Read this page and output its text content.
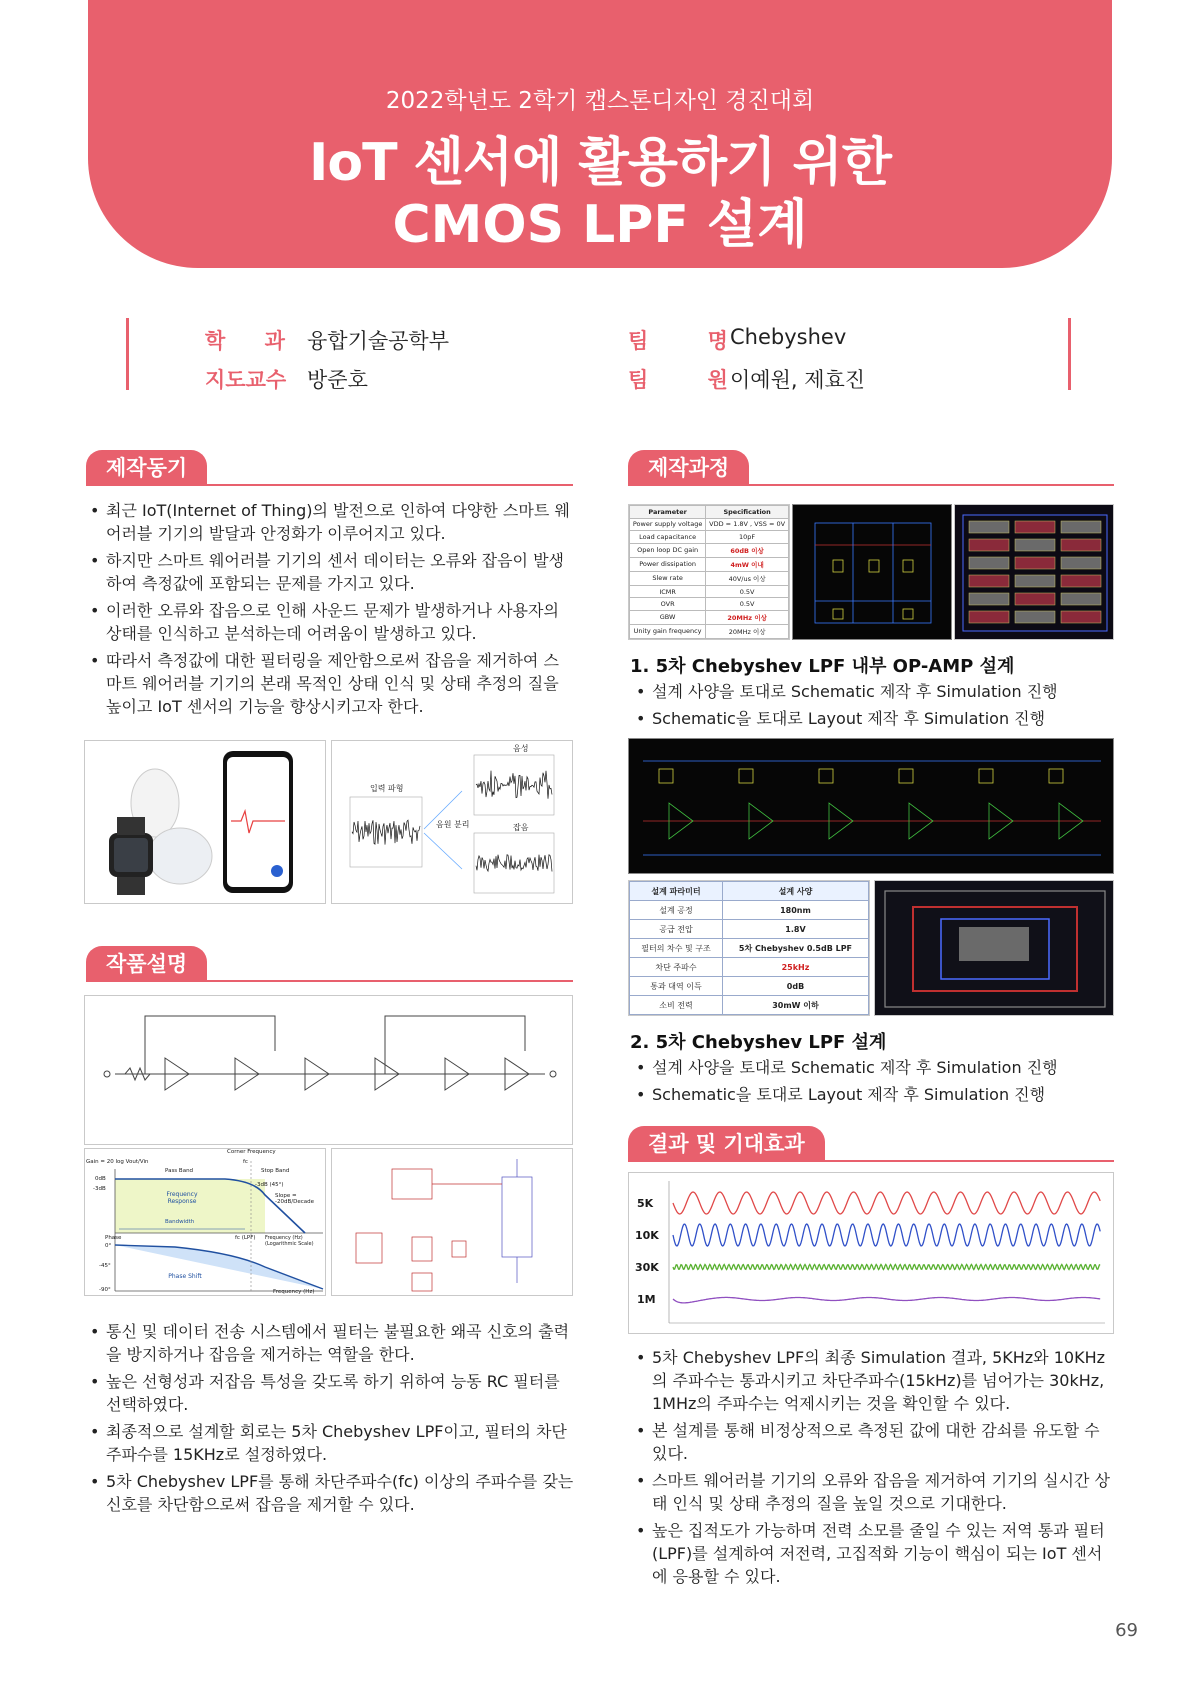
2022학년도 2학기 캡스톤디자인 경진대회
IoT 센서에 활용하기 위한
CMOS LPF 설계
학 과 융합기술공학부
지도교수 방준호
팀 명
Chebyshev
팀 원
이예원, 제효진
제작동기
• 최근 IoT(Internet of Thing)의 발전으로 인하여 다양한 스마트 웨어러블 기기의 발달과 안정화가 이루어지고 있다.
• 하지만 스마트 웨어러블 기기의 센서 데이터는 오류와 잡음이 발생하여 측정값에 포함되는 문제를 가지고 있다.
• 이러한 오류와 잡음으로 인해 사운드 문제가 발생하거나 사용자의 상태를 인식하고 분석하는데 어려움이 발생하고 있다.
• 따라서 측정값에 대한 필터링을 제안함으로써 잡음을 제거하여 스마트 웨어러블 기기의 본래 목적인 상태 인식 및 상태 추정의 질을 높이고 IoT 센서의 기능을 향상시키고자 한다.
입력 파형
음원 분리
음성
잡음
작품설명
Gain = 20 log Vout/Vin
Corner Frequency
fc
Pass Band	Stop Band
0dB
-3dB
-3dB (45°)
Slope = -20dB/Decade
Frequency Response
Bandwidth
Phase	fc (LPF) Frequency (Hz) (Logarithmic Scale)
0°
-45°
-90°
Phase Shift
Frequency (Hz)
• 통신 및 데이터 전송 시스템에서 필터는 불필요한 왜곡 신호의 출력을 방지하거나 잡음을 제거하는 역할을 한다.
• 높은 선형성과 저잡음 특성을 갖도록 하기 위하여 능동 RC 필터를 선택하였다.
• 최종적으로 설계할 회로는 5차 Chebyshev LPF이고, 필터의 차단 주파수를 15KHz로 설정하였다.
• 5차 Chebyshev LPF를 통해 차단주파수(fc) 이상의 주파수를 갖는 신호를 차단함으로써 잡음을 제거할 수 있다.
제작과정
Parameter	Specification
Power supply voltage	VDD = 1.8V , VSS = 0V
Load capacitance	10pF
Open loop DC gain	60dB 이상
Power dissipation	4mW 이내
Slew rate	40V/us 이상
ICMR	0.5V
OVR	0.5V
GBW	20MHz 이상
Unity gain frequency	20MHz 이상
1. 5차 Chebyshev LPF 내부 OP-AMP 설계
• 설계 사양을 토대로 Schematic 제작 후 Simulation 진행
• Schematic을 토대로 Layout 제작 후 Simulation 진행
설계 파라미터	설계 사양
설계 공정	180nm
공급 전압	1.8V
필터의 차수 및 구조	5차 Chebyshev 0.5dB LPF
차단 주파수	25kHz
통과 대역 이득	0dB
소비 전력	30mW 이하
2. 5차 Chebyshev LPF 설계
• 설계 사양을 토대로 Schematic 제작 후 Simulation 진행
• Schematic을 토대로 Layout 제작 후 Simulation 진행
결과 및 기대효과
5K
10K
30K
1M
• 5차 Chebyshev LPF의 최종 Simulation 결과, 5KHz와 10KHz의 주파수는 통과시키고 차단주파수(15kHz)를 넘어가는 30kHz, 1MHz의 주파수는 억제시키는 것을 확인할 수 있다.
• 본 설계를 통해 비정상적으로 측정된 값에 대한 감쇠를 유도할 수 있다.
• 스마트 웨어러블 기기의 오류와 잡음을 제거하여 기기의 실시간 상태 인식 및 상태 추정의 질을 높일 것으로 기대한다.
• 높은 집적도가 가능하며 전력 소모를 줄일 수 있는 저역 통과 필터(LPF)를 설계하여 저전력, 고집적화 기능이 핵심이 되는 IoT 센서에 응용할 수 있다.
69
